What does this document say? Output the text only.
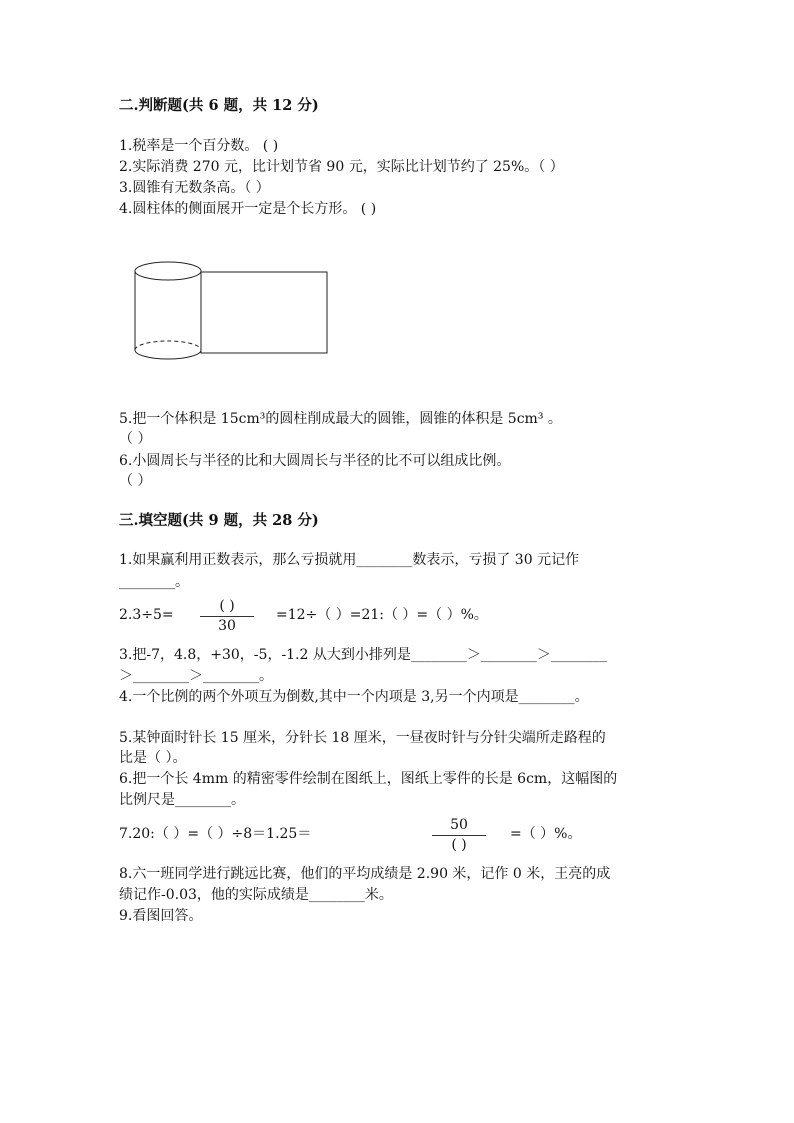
二.判断题(共 6 题，共 12 分)
1.税率是一个百分数。 ( )
2.实际消费 270 元，比计划节省 90 元，实际比计划节约了 25%。（ ）
3.圆锥有无数条高。（ ）
4.圆柱体的侧面展开一定是个长方形。 ( )
5.把一个体积是 15cm³的圆柱削成最大的圆锥，圆锥的体积是 5cm³ 。
（ ）
6.小圆周长与半径的比和大圆周长与半径的比不可以组成比例。
（ ）
三.填空题(共 9 题，共 28 分)
1.如果赢利用正数表示，那么亏损就用________数表示，亏损了 30 元记作
________。
2.3÷5=
( )
30
=12÷（ ）=21:（ ）=（ ）%。
3.把-7，4.8，+30，-5，-1.2 从大到小排列是________＞________＞________
＞________＞________。
4.一个比例的两个外项互为倒数,其中一个内项是 3,另一个内项是________。
5.某钟面时针长 15 厘米，分针长 18 厘米，一昼夜时针与分针尖端所走路程的
比是（ ）。
6.把一个长 4mm 的精密零件绘制在图纸上，图纸上零件的长是 6cm，这幅图的
比例尺是________。
7.20:（ ）=（ ）÷8＝1.25＝
50
( )
=（ ）%。
8.六一班同学进行跳远比赛，他们的平均成绩是 2.90 米，记作 0 米，王亮的成
绩记作-0.03，他的实际成绩是________米。
9.看图回答。
